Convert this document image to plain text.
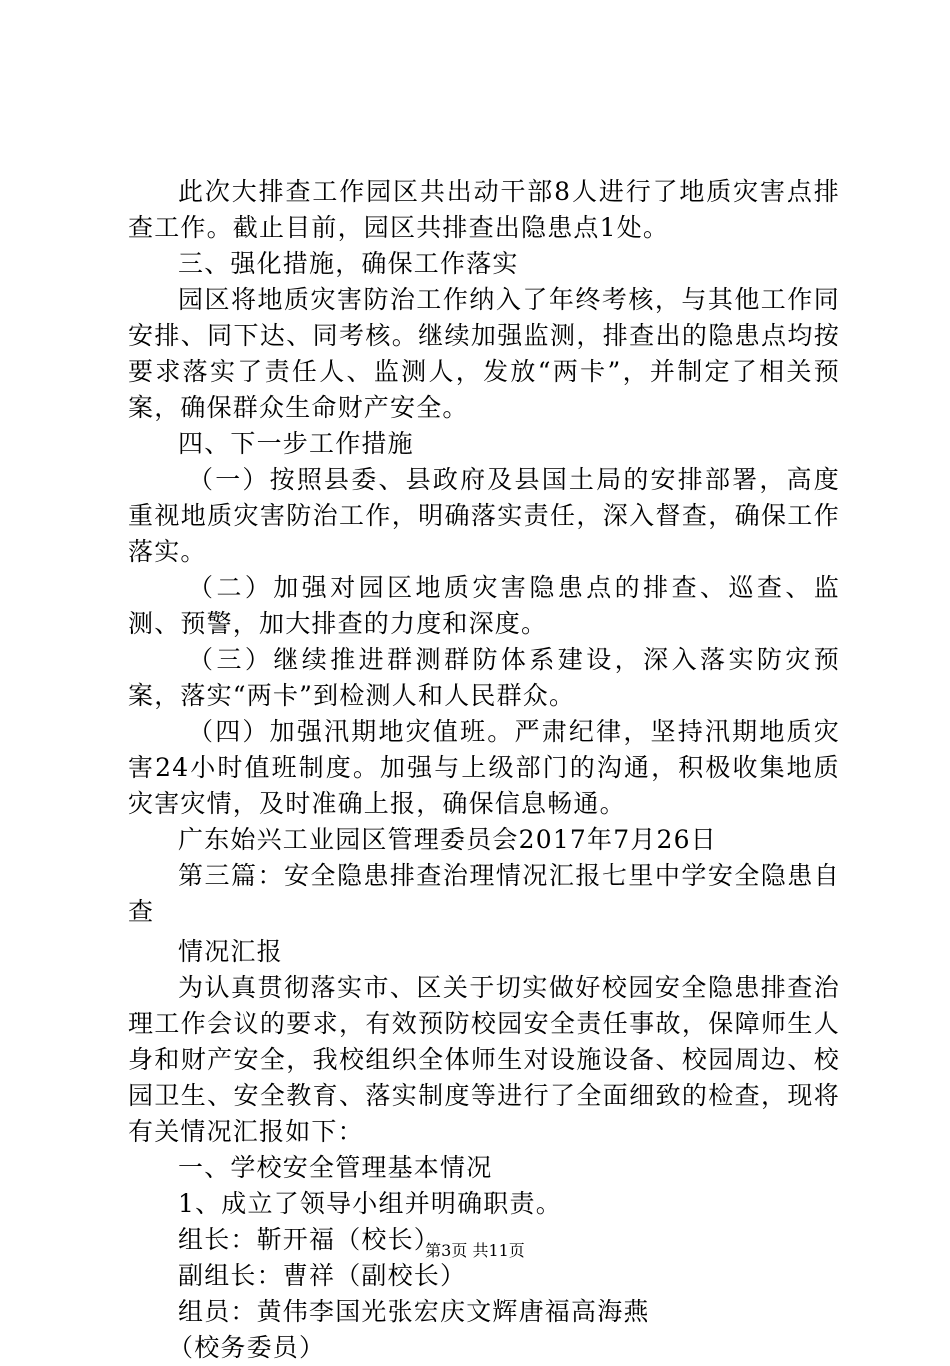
此次大排查工作园区共出动干部8人进行了地质灾害点排查工作。截止目前，园区共排查出隐患点1处。

三、强化措施，确保工作落实

园区将地质灾害防治工作纳入了年终考核，与其他工作同安排、同下达、同考核。继续加强监测，排查出的隐患点均按要求落实了责任人、监测人，发放“两卡”，并制定了相关预案，确保群众生命财产安全。

四、下一步工作措施

（一）按照县委、县政府及县国土局的安排部署，高度重视地质灾害防治工作，明确落实责任，深入督查，确保工作落实。

（二）加强对园区地质灾害隐患点的排查、巡查、监测、预警，加大排查的力度和深度。

（三）继续推进群测群防体系建设，深入落实防灾预案，落实“两卡”到检测人和人民群众。

（四）加强汛期地灾值班。严肃纪律，坚持汛期地质灾害24小时值班制度。加强与上级部门的沟通，积极收集地质灾害灾情，及时准确上报，确保信息畅通。

广东始兴工业园区管理委员会2017年7月26日

第三篇：安全隐患排查治理情况汇报七里中学安全隐患自查

情况汇报

为认真贯彻落实市、区关于切实做好校园安全隐患排查治理工作会议的要求，有效预防校园安全责任事故，保障师生人身和财产安全，我校组织全体师生对设施设备、校园周边、校园卫生、安全教育、落实制度等进行了全面细致的检查，现将有关情况汇报如下：

一、学校安全管理基本情况

1、成立了领导小组并明确职责。

组长：靳开福（校长）

副组长：曹祥（副校长）

组员：黄伟李国光张宏庆文辉唐福高海燕

（校务委员）

第3页 共11页
